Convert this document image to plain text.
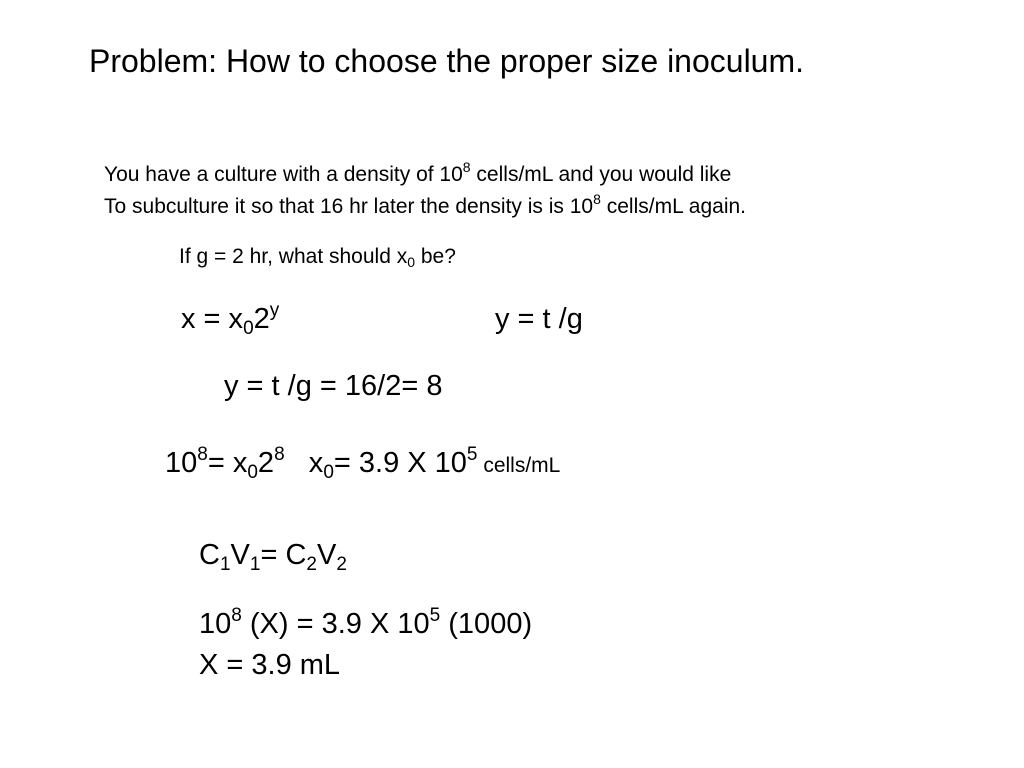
Problem: How to choose the proper size inoculum.
You have a culture with a density of $10^8$ cells/mL and you would like
To subculture it so that 16 hr later the density is is $10^8$ cells/mL again.
If g = 2 hr, what should $x_0$ be?
$x = x_02^y$	y = t /g
y = t /g = 16/2= 8
$10^8= x_02^8$   $x_0= 3.9$ X $10^5$ cells/mL
$C_1V_1= C_2V_2$
$10^8$ (X) = 3.9 X $10^5$ (1000)
X = 3.9 mL
